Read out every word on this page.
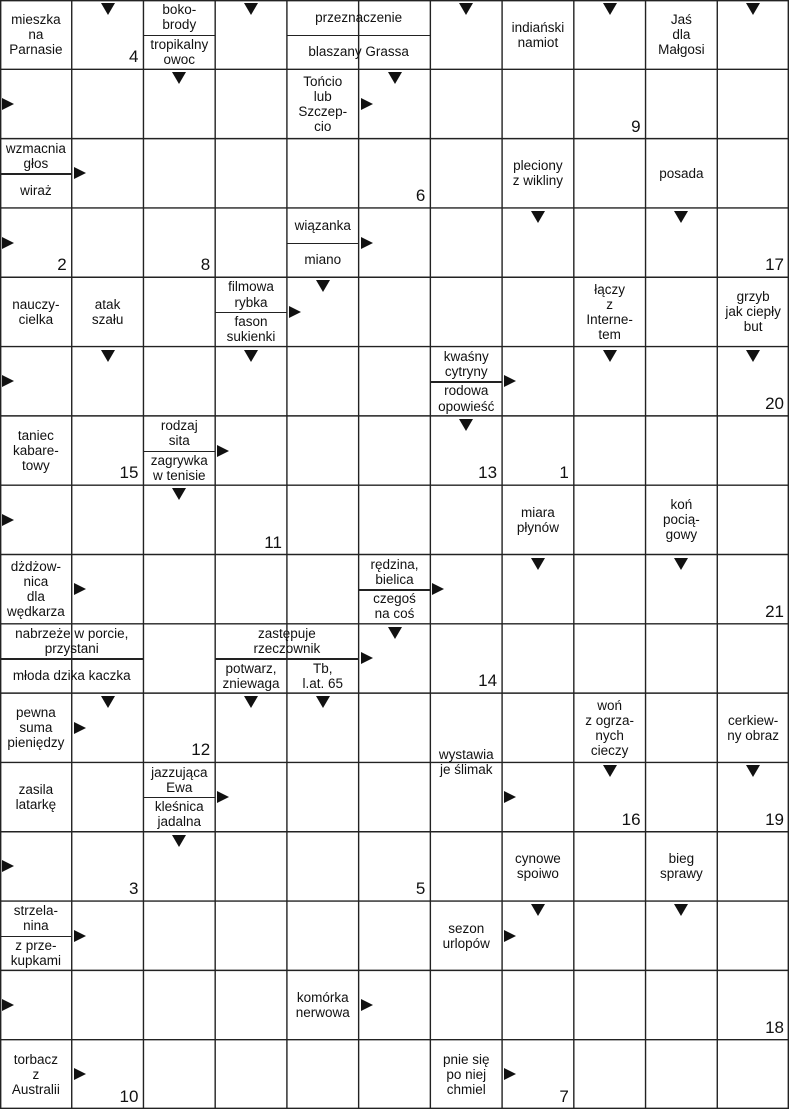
mieszka
na
Parnasie
boko-
brody
tropikalny
owoc
przeznaczenie
blaszany Grassa
indiański
namiot
Jaś
dla
Małgosi
Tońcio
lub
Szczep-
cio
wzmacnia
głos
wiraż
pleciony
z wikliny
posada
wiązanka
miano
nauczy-
cielka
atak
szału
filmowa
rybka
fason
sukienki
łączy
z
Interne-
tem
grzyb
jak ciepły
but
kwaśny
cytryny
rodowa
opowieść
taniec
kabare-
towy
rodzaj
sita
zagrywka
w tenisie
miara
płynów
koń
pocią-
gowy
dżdżow-
nica
dla
wędkarza
rędzina,
bielica
czegoś
na coś
nabrzeże w porcie,
przystani
młoda dzika kaczka
zastępuje
rzeczownik
potwarz,
zniewaga
Tb,
l.at. 65
pewna
suma
pieniędzy
woń
z ogrza-
nych
cieczy
cerkiew-
ny obraz
wystawia
je ślimak
zasila
latarkę
jazzująca
Ewa
kleśnica
jadalna
cynowe
spoiwo
bieg
sprawy
strzela-
nina
z prze-
kupkami
sezon
urlopów
komórka
nerwowa
torbacz
z
Australii
pnie się
po niej
chmiel
4
9
6
2	8	17
20
15	13	1
11
21
14
12
16	19
3	5
18
10	7
